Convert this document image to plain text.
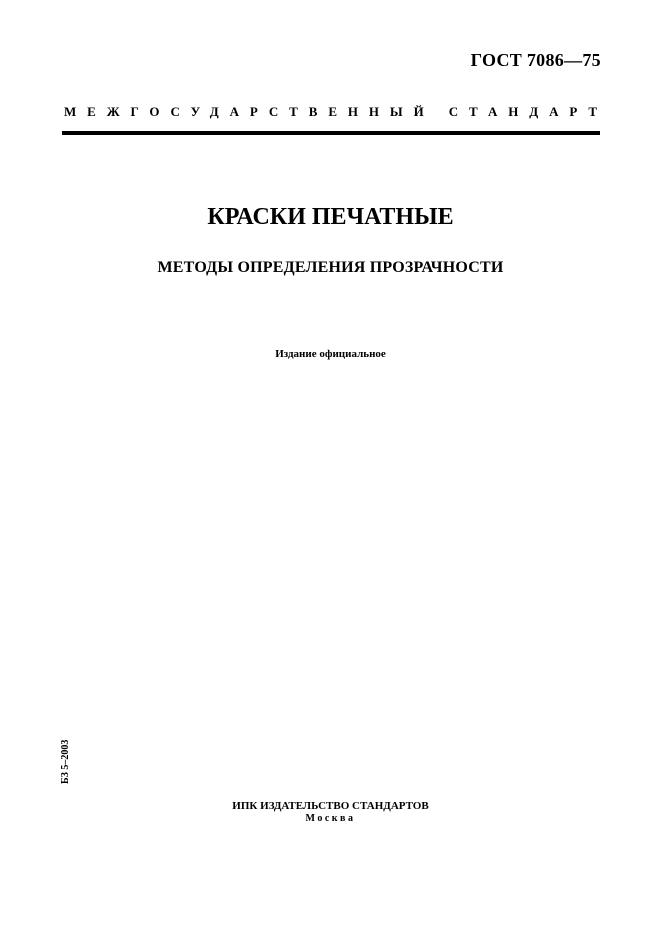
ГОСТ 7086—75
МЕЖГОСУДАРСТВЕННЫЙ СТАНДАРТ
КРАСКИ ПЕЧАТНЫЕ
МЕТОДЫ ОПРЕДЕЛЕНИЯ ПРОЗРАЧНОСТИ
Издание официальное
БЗ 5–2003
ИПК ИЗДАТЕЛЬСТВО СТАНДАРТОВ
Москва
